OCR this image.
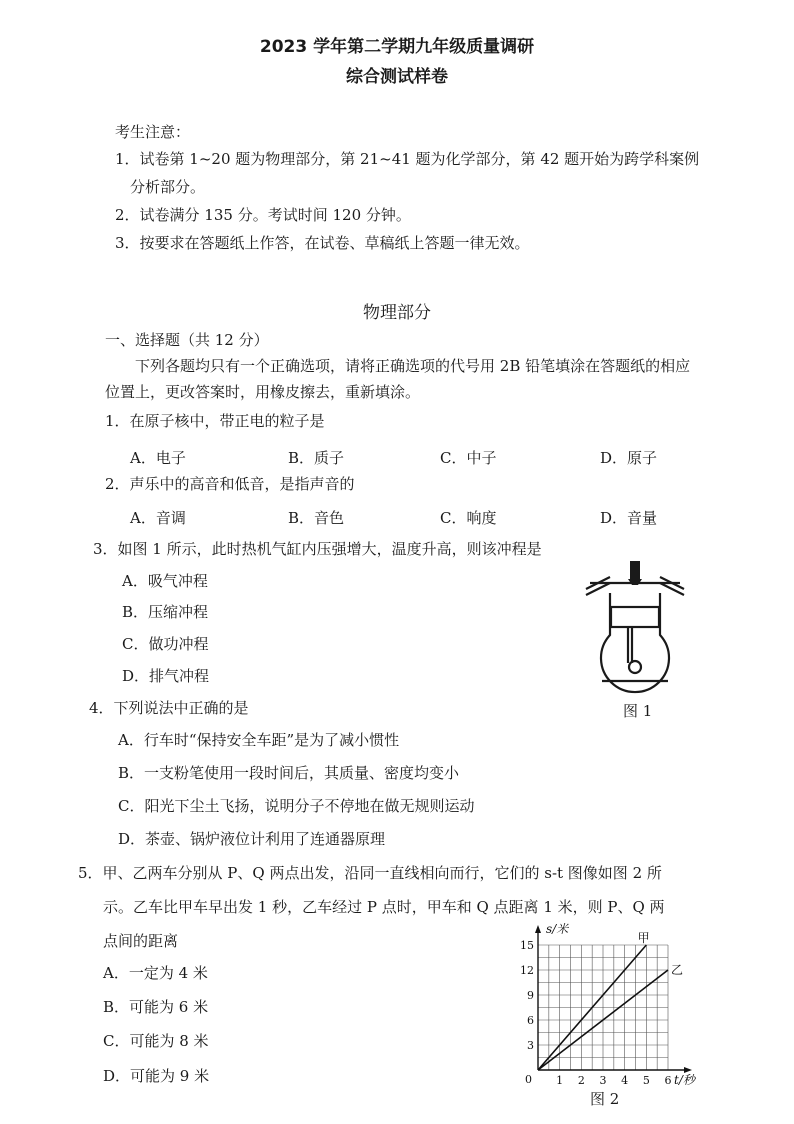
2023 学年第二学期九年级质量调研
综合测试样卷
考生注意：
1．试卷第 1~20 题为物理部分，第 21~41 题为化学部分，第 42 题开始为跨学科案例
分析部分。
2．试卷满分 135 分。考试时间 120 分钟。
3．按要求在答题纸上作答，在试卷、草稿纸上答题一律无效。
物理部分
一、选择题（共 12 分）
下列各题均只有一个正确选项，请将正确选项的代号用 2B 铅笔填涂在答题纸的相应
位置上，更改答案时，用橡皮擦去，重新填涂。
1．在原子核中，带正电的粒子是
A．电子	B．质子	C．中子	D．原子
2．声乐中的高音和低音，是指声音的
A．音调	B．音色	C．响度	D．音量
3．如图 1 所示，此时热机气缸内压强增大，温度升高，则该冲程是
A．吸气冲程
B．压缩冲程
C．做功冲程
D．排气冲程
图 1
4．下列说法中正确的是
A．行车时“保持安全车距”是为了减小惯性
B．一支粉笔使用一段时间后，其质量、密度均变小
C．阳光下尘土飞扬，说明分子不停地在做无规则运动
D．茶壶、锅炉液位计利用了连通器原理
5．甲、乙两车分别从 P、Q 两点出发，沿同一直线相向而行，它们的 s-t 图像如图 2 所
示。乙车比甲车早出发 1 秒，乙车经过 P 点时，甲车和 Q 点距离 1 米，则 P、Q 两
点间的距离
A．一定为 4 米
B．可能为 6 米
C．可能为 8 米
D．可能为 9 米
甲
乙
1 2 3 4 5 6
3
6
9
12
15
0
s/米
t/秒
图 2
